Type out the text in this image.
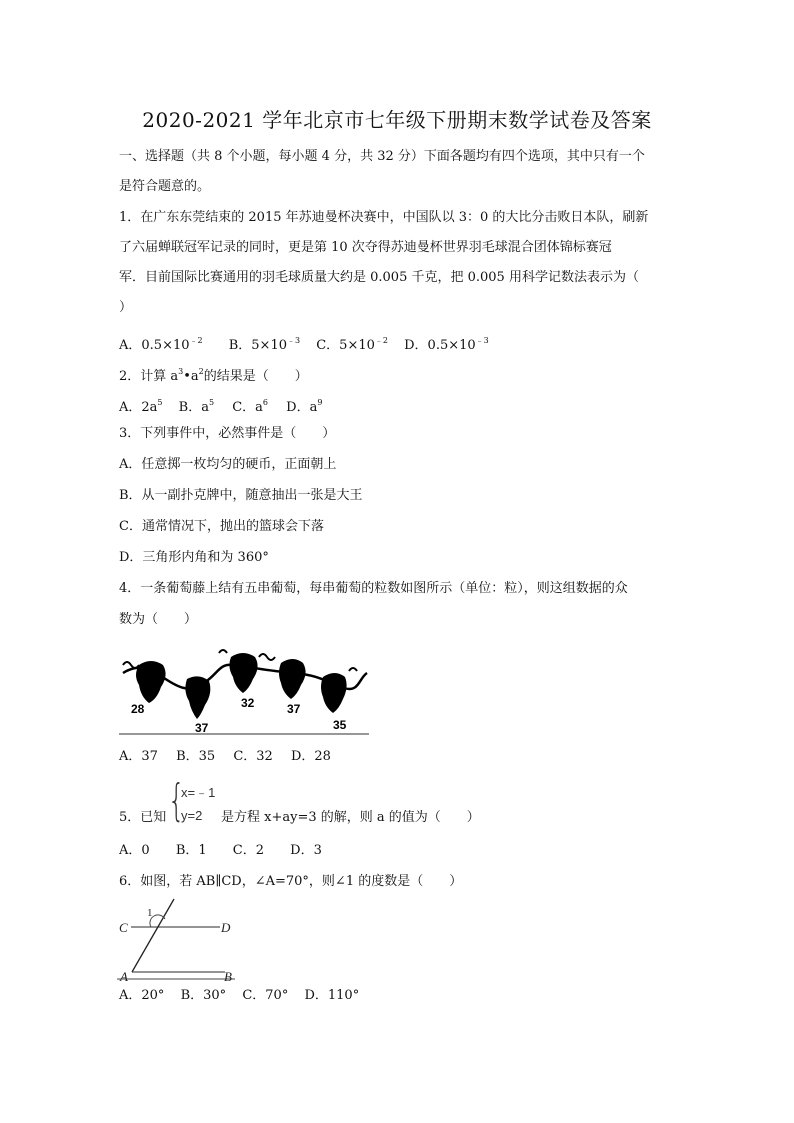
2020-2021 学年北京市七年级下册期末数学试卷及答案
一、选择题（共 8 个小题，每小题 4 分，共 32 分）下面各题均有四个选项，其中只有一个
是符合题意的。
1．在广东东莞结束的 2015 年苏迪曼杯决赛中，中国队以 3：0 的大比分击败日本队，刷新
了六届蝉联冠军记录的同时，更是第 10 次夺得苏迪曼杯世界羽毛球混合团体锦标赛冠
军．目前国际比赛通用的羽毛球质量大约是 0.005 千克，把 0.005 用科学记数法表示为（
）
A．$0.5\times 10^{﹣2}$ B．$5\times 10^{﹣3}$ C．$5\times 10^{﹣2}$ D．$0.5\times 10^{﹣3}$
2．计算 $a^3•a^2$的结果是（　　）
A．$2a^5$ B．$a^5$ C．$a^6$ D．$a^9$
3．下列事件中，必然事件是（　　）
A．任意掷一枚均匀的硬币，正面朝上
B．从一副扑克牌中，随意抽出一张是大王
C．通常情况下，抛出的篮球会下落
D．三角形内角和为 360°
4．一条葡萄藤上结有五串葡萄，每串葡萄的粒数如图所示（单位：粒），则这组数据的众
数为（　　）
28
37
32	37
35
A．37 B．35 C．32 D．28
5．已知 {
x=﹣1
y=2 是方程 x+ay=3 的解，则 a 的值为（　　）
A．0 B．1 C．2 D．3
6．如图，若 AB∥CD，∠A=70°，则∠1 的度数是（　　）
C	D
A	B
1
A．20° B．30° C．70° D．110°
